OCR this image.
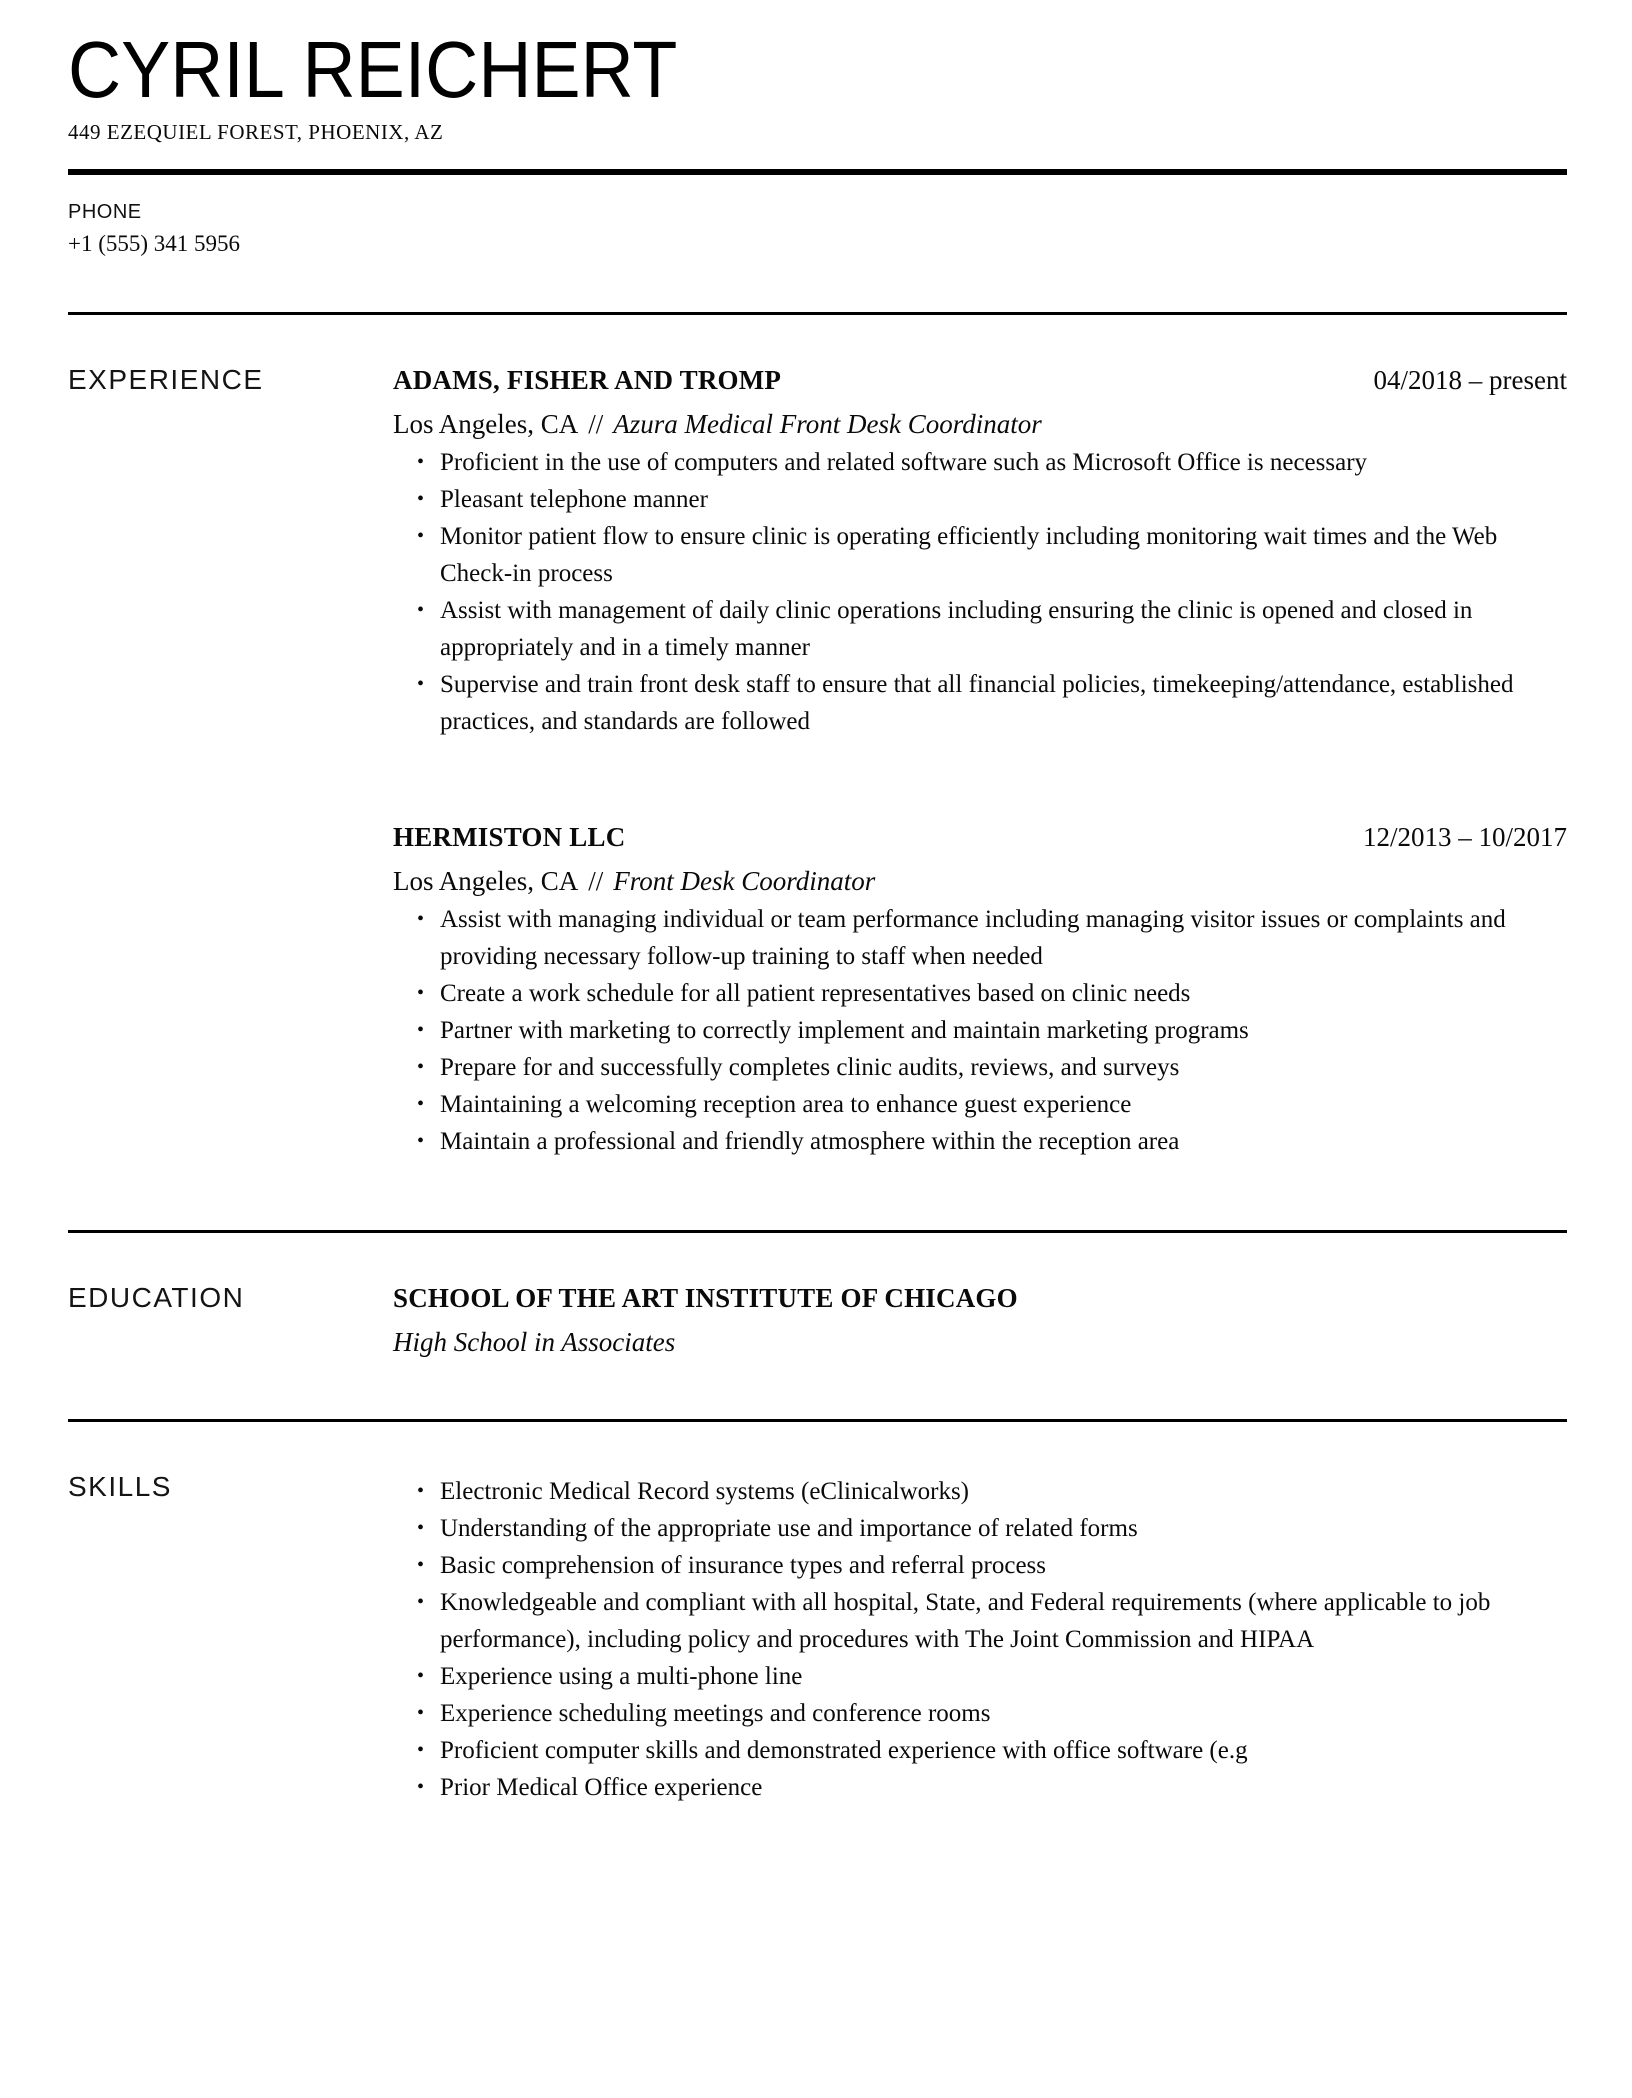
CYRIL REICHERT
449 EZEQUIEL FOREST, PHOENIX, AZ
PHONE
+1 (555) 341 5956
EXPERIENCE	ADAMS, FISHER AND TROMP	04/2018 – present
Los Angeles, CA // Azura Medical Front Desk Coordinator
• Proficient in the use of computers and related software such as Microsoft Office is necessary
• Pleasant telephone manner
• Monitor patient flow to ensure clinic is operating efficiently including monitoring wait times and the Web Check-in process
• Assist with management of daily clinic operations including ensuring the clinic is opened and closed in appropriately and in a timely manner
• Supervise and train front desk staff to ensure that all financial policies, timekeeping/attendance, established practices, and standards are followed
HERMISTON LLC	12/2013 – 10/2017
Los Angeles, CA // Front Desk Coordinator
• Assist with managing individual or team performance including managing visitor issues or complaints and providing necessary follow-up training to staff when needed
• Create a work schedule for all patient representatives based on clinic needs
• Partner with marketing to correctly implement and maintain marketing programs
• Prepare for and successfully completes clinic audits, reviews, and surveys
• Maintaining a welcoming reception area to enhance guest experience
• Maintain a professional and friendly atmosphere within the reception area
EDUCATION	SCHOOL OF THE ART INSTITUTE OF CHICAGO
High School in Associates
SKILLS	• Electronic Medical Record systems (eClinicalworks)
• Understanding of the appropriate use and importance of related forms
• Basic comprehension of insurance types and referral process
• Knowledgeable and compliant with all hospital, State, and Federal requirements (where applicable to job performance), including policy and procedures with The Joint Commission and HIPAA
• Experience using a multi-phone line
• Experience scheduling meetings and conference rooms
• Proficient computer skills and demonstrated experience with office software (e.g
• Prior Medical Office experience
